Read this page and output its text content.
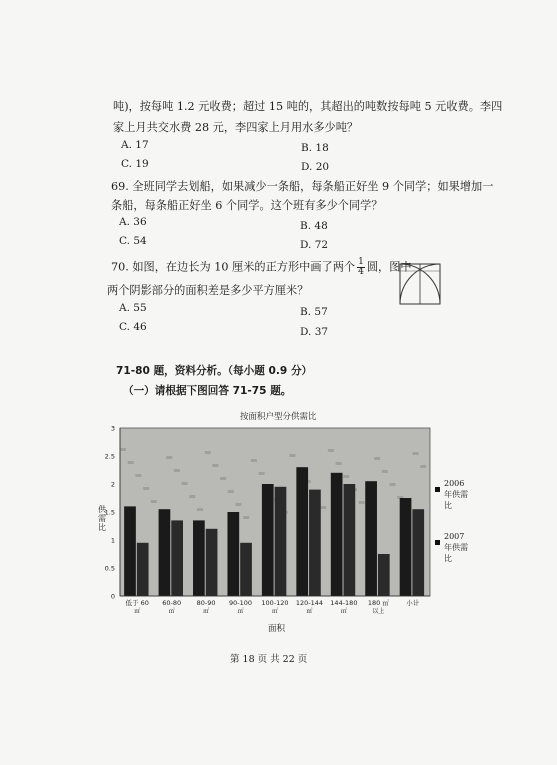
吨)，按每吨 1.2 元收费；超过 15 吨的，其超出的吨数按每吨 5 元收费。李四
家上月共交水费 28 元，李四家上月用水多少吨？
A. 17	B. 18
C. 19	D. 20
69. 全班同学去划船，如果减少一条船，每条船正好坐 9 个同学；如果增加一
条船，每条船正好坐 6 个同学。这个班有多少个同学？
A. 36	B. 48
C. 54	D. 72
70. 如图，在边长为 10 厘米的正方形中画了两个 $\frac{1}{4}$ 圆，图中
两个阴影部分的面积差是多少平方厘米？
A. 55	B. 57
C. 46	D. 37
71-80 题，资料分析。（每小题 0.9 分）
（一）请根据下图回答 71-75 题。
按面积户型分供需比
0
0.5
1
1.5
2
2.5
3
低于 60
㎡
60-80
㎡
80-90
㎡
90-100
㎡
100-120
㎡
120-144
㎡
144-180
㎡
180 ㎡
以上
小计
供需比
2006 年供需比
2007 年供需比
面积
第 18 页 共 22 页
